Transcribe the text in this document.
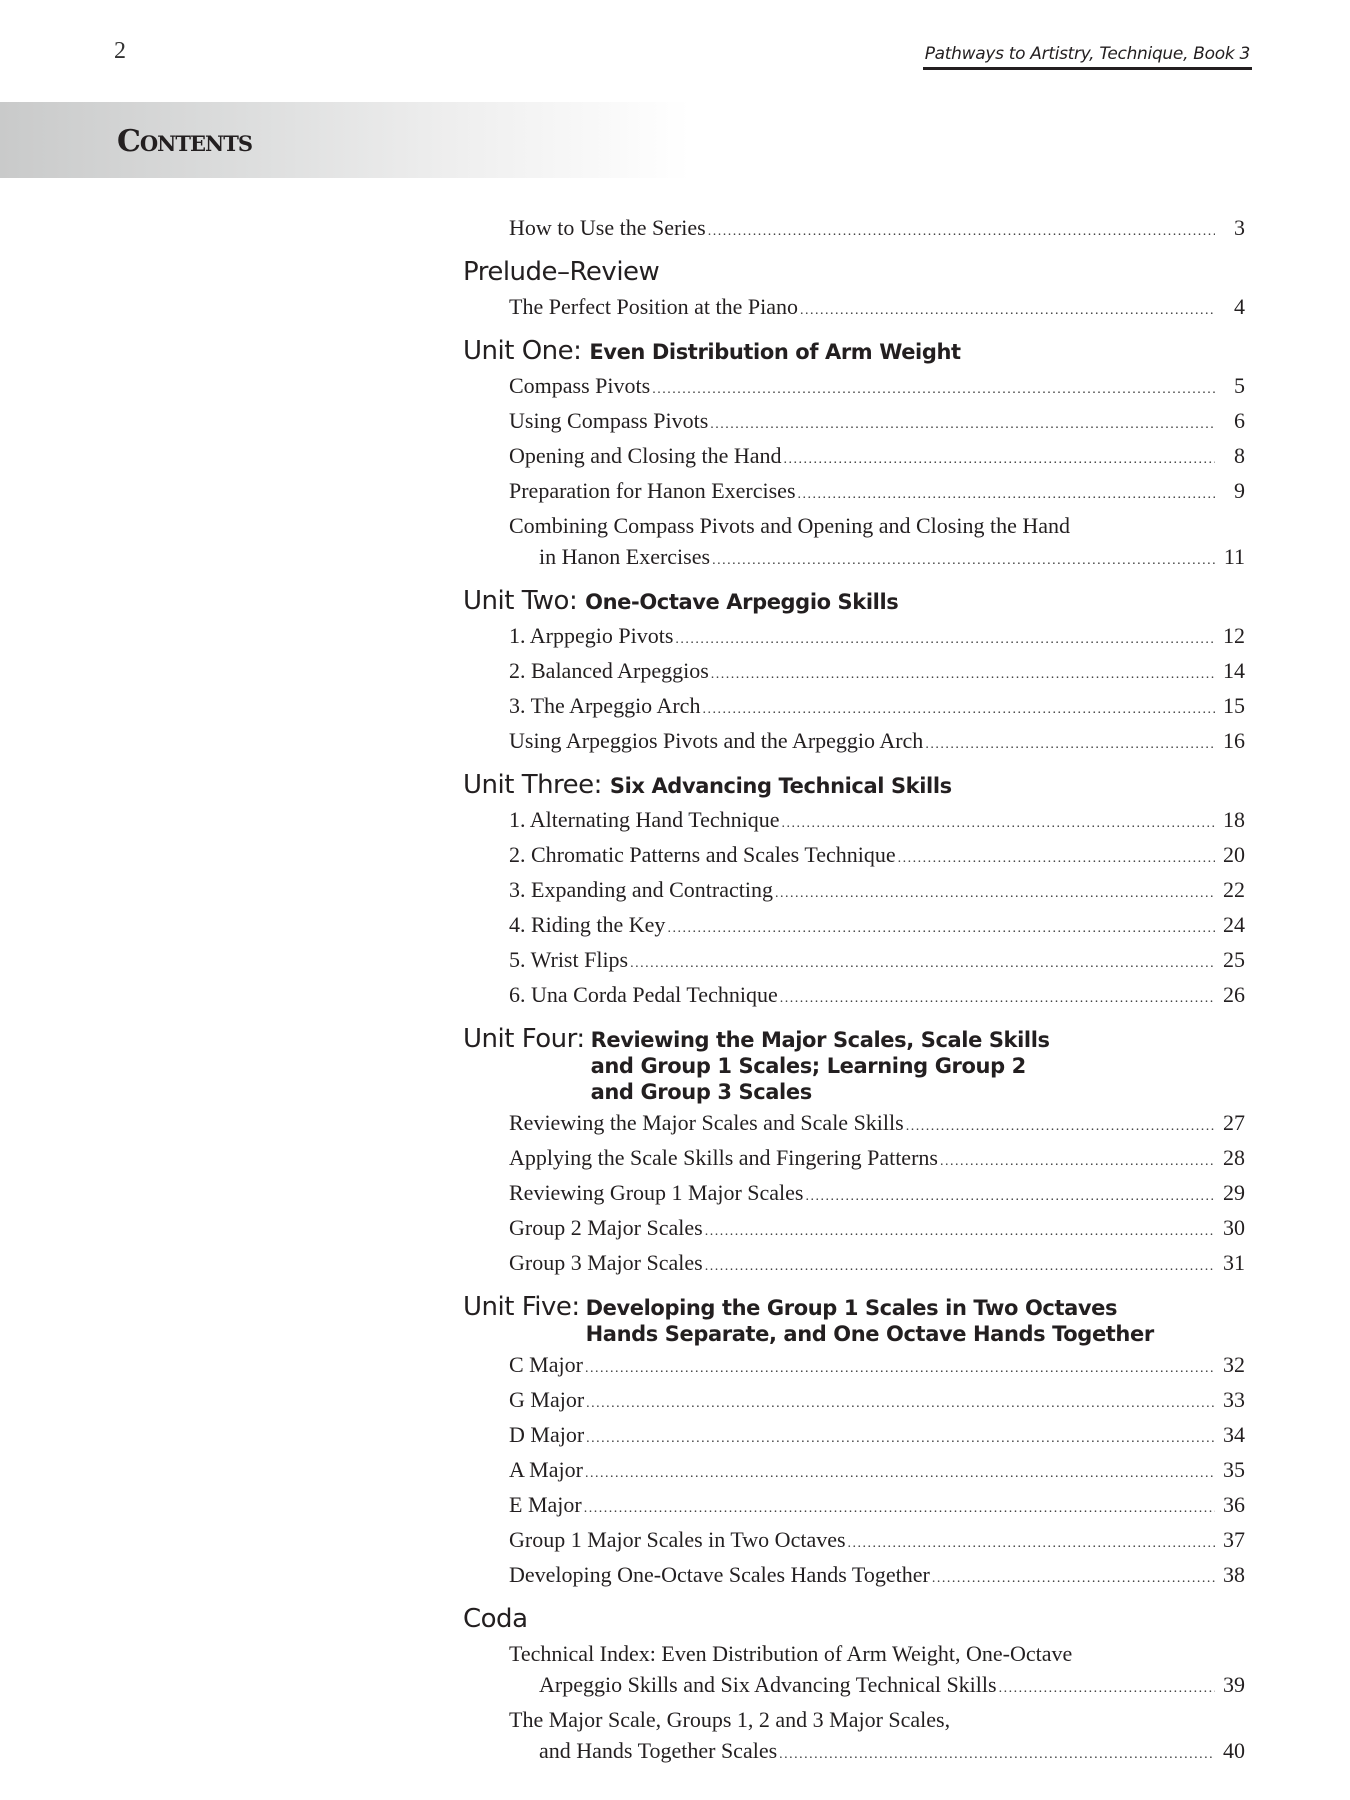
2	Pathways to Artistry, Technique, Book 3
Contents
How to Use the Series . . .	3
Prelude–Review
The Perfect Position at the Piano . . .	4
Unit One:
Even Distribution of Arm Weight
Compass Pivots . . .	5
Using Compass Pivots . . .	6
Opening and Closing the Hand . . .	8
Preparation for Hanon Exercises . . .	9
Combining Compass Pivots and Opening and Closing the Hand
in Hanon Exercises . . .	11
Unit Two:
One-Octave Arpeggio Skills
1. Arppegio Pivots . . .	12
2. Balanced Arpeggios . . .	14
3. The Arpeggio Arch . . .	15
Using Arpeggios Pivots and the Arpeggio Arch . . .	16
Unit Three:
Six Advancing Technical Skills
1. Alternating Hand Technique . . .	18
2. Chromatic Patterns and Scales Technique . . .	20
3. Expanding and Contracting . . .	22
4. Riding the Key . . .	24
5. Wrist Flips . . .	25
6. Una Corda Pedal Technique . . .	26
Unit Four: Reviewing the Major Scales, Scale Skills
and Group 1 Scales; Learning Group 2
and Group 3 Scales
Reviewing the Major Scales and Scale Skills . . .	27
Applying the Scale Skills and Fingering Patterns . . .	28
Reviewing Group 1 Major Scales . . .	29
Group 2 Major Scales . . .	30
Group 3 Major Scales . . .	31
Unit Five: Developing the Group 1 Scales in Two Octaves
Hands Separate, and One Octave Hands Together
C Major . . .	32
G Major . . .	33
D Major . . .	34
A Major . . .	35
E Major . . .	36
Group 1 Major Scales in Two Octaves . . .	37
Developing One-Octave Scales Hands Together . . .	38
Coda
Technical Index: Even Distribution of Arm Weight, One-Octave
Arpeggio Skills and Six Advancing Technical Skills . . .	39
The Major Scale, Groups 1, 2 and 3 Major Scales,
and Hands Together Scales . . .	40
